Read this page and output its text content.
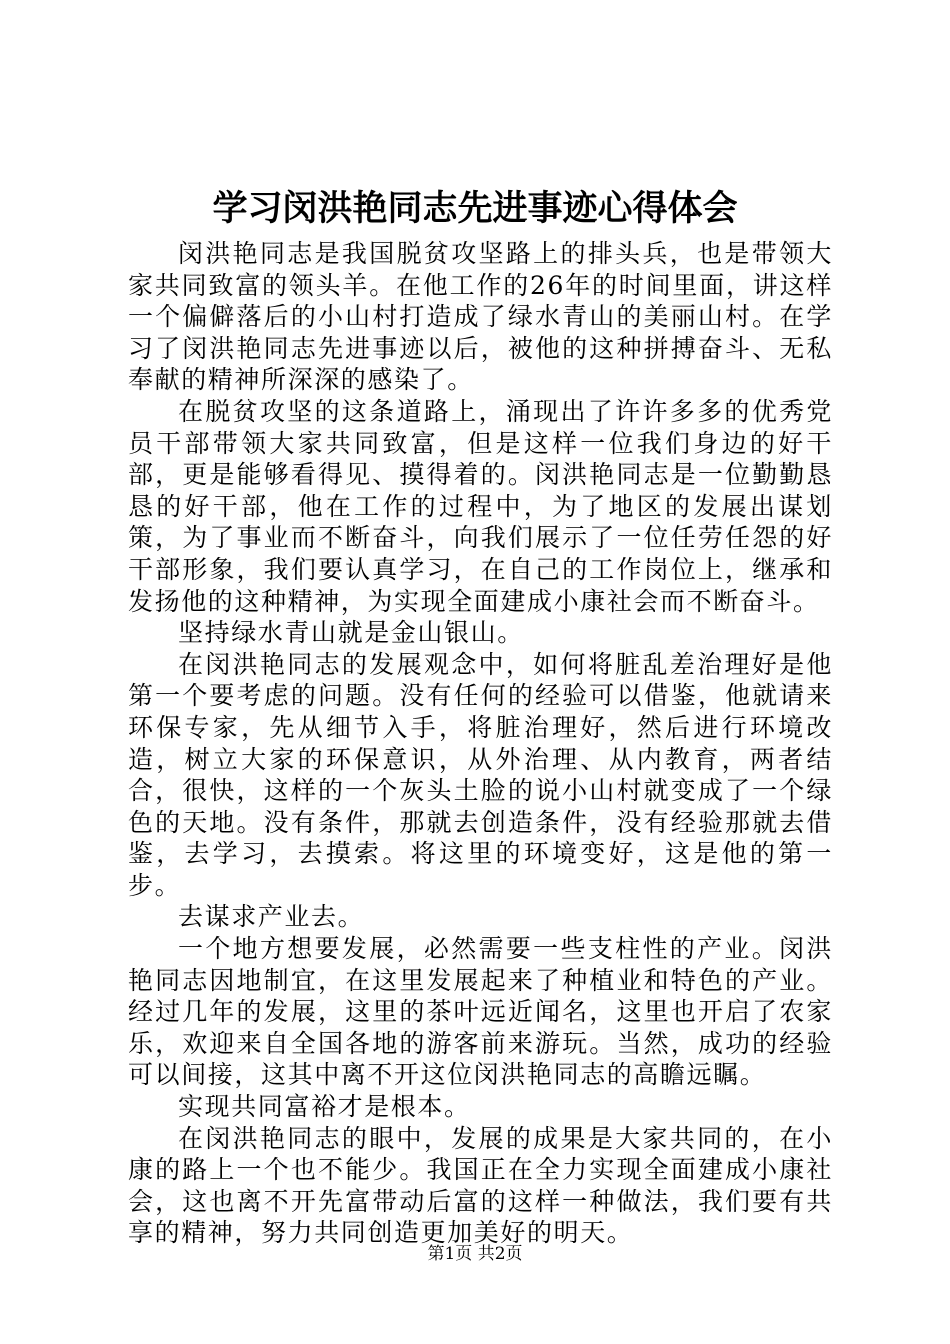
学习闵洪艳同志先进事迹心得体会

闵洪艳同志是我国脱贫攻坚路上的排头兵，也是带领大家共同致富的领头羊。在他工作的26年的时间里面，讲这样一个偏僻落后的小山村打造成了绿水青山的美丽山村。在学习了闵洪艳同志先进事迹以后，被他的这种拼搏奋斗、无私奉献的精神所深深的感染了。

在脱贫攻坚的这条道路上，涌现出了许许多多的优秀党员干部带领大家共同致富，但是这样一位我们身边的好干部，更是能够看得见、摸得着的。闵洪艳同志是一位勤勤恳恳的好干部，他在工作的过程中，为了地区的发展出谋划策，为了事业而不断奋斗，向我们展示了一位任劳任怨的好干部形象，我们要认真学习，在自己的工作岗位上，继承和发扬他的这种精神，为实现全面建成小康社会而不断奋斗。

坚持绿水青山就是金山银山。

在闵洪艳同志的发展观念中，如何将脏乱差治理好是他第一个要考虑的问题。没有任何的经验可以借鉴，他就请来环保专家，先从细节入手，将脏治理好，然后进行环境改造，树立大家的环保意识，从外治理、从内教育，两者结合，很快，这样的一个灰头土脸的说小山村就变成了一个绿色的天地。没有条件，那就去创造条件，没有经验那就去借鉴，去学习，去摸索。将这里的环境变好，这是他的第一步。

去谋求产业去。

一个地方想要发展，必然需要一些支柱性的产业。闵洪艳同志因地制宜，在这里发展起来了种植业和特色的产业。经过几年的发展，这里的茶叶远近闻名，这里也开启了农家乐，欢迎来自全国各地的游客前来游玩。当然，成功的经验可以间接，这其中离不开这位闵洪艳同志的高瞻远瞩。

实现共同富裕才是根本。

在闵洪艳同志的眼中，发展的成果是大家共同的，在小康的路上一个也不能少。我国正在全力实现全面建成小康社会，这也离不开先富带动后富的这样一种做法，我们要有共享的精神，努力共同创造更加美好的明天。

第1页 共2页
